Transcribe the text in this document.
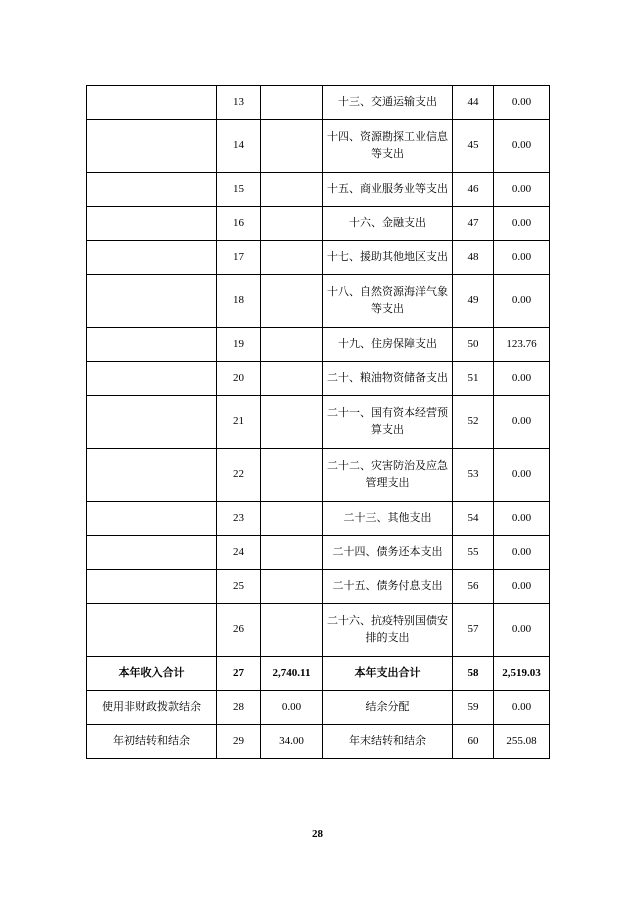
	13		十三、交通运输支出	44	0.00
	14		十四、资源勘探工业信息等支出	45	0.00
	15		十五、商业服务业等支出	46	0.00
	16		十六、金融支出	47	0.00
	17		十七、援助其他地区支出	48	0.00
	18		十八、自然资源海洋气象等支出	49	0.00
	19		十九、住房保障支出	50	123.76
	20		二十、粮油物资储备支出	51	0.00
	21		二十一、国有资本经营预算支出	52	0.00
	22		二十二、灾害防治及应急管理支出	53	0.00
	23		二十三、其他支出	54	0.00
	24		二十四、债务还本支出	55	0.00
	25		二十五、债务付息支出	56	0.00
	26		二十六、抗疫特别国债安排的支出	57	0.00
本年收入合计	27	2,740.11	本年支出合计	58	2,519.03
使用非财政拨款结余	28	0.00	结余分配	59	0.00
年初结转和结余	29	34.00	年末结转和结余	60	255.08
28
